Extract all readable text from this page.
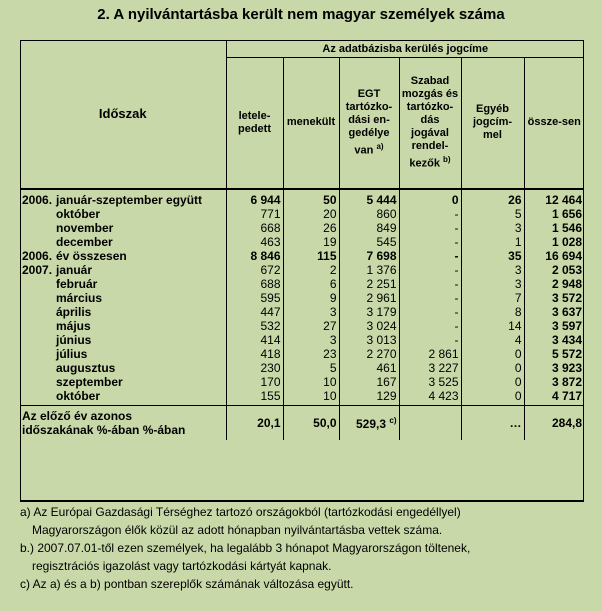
2. A nyilvántartásba került nem magyar személyek száma
Időszak	Az adatbázisba kerülés jogcíme					
	letele-pedett	menekült	EGT tartózko-dási en-gedélye van $^{a)}$	Szabad mozgás és tartózko-dás jogával rendel-kezők $^{b)}$	Egyéb jogcím-mel	össze-sen
2006. január-szeptember együtt	6 944	50	5 444	0	26	12 464
október	771	20	860	-	5	1 656
november	668	26	849	-	3	1 546
december	463	19	545	-	1	1 028
2006. év összesen	8 846	115	7 698	-	35	16 694
2007. január	672	2	1 376	-	3	2 053
február	688	6	2 251	-	3	2 948
március	595	9	2 961	-	7	3 572
április	447	3	3 179	-	8	3 637
május	532	27	3 024	-	14	3 597
június	414	3	3 013	-	4	3 434
július	418	23	2 270	2 861	0	5 572
augusztus	230	5	461	3 227	0	3 923
szeptember	170	10	167	3 525	0	3 872
október	155	10	129	4 423	0	4 717

Az előző év azonos
időszakának %-ában %-ában	20,1	50,0	529,3 $^{c)}$		…	284,8
a) Az Európai Gazdasági Térséghez tartozó országokból (tartózkodási engedéllyel)
Magyarországon élők közül az adott hónapban nyilvántartásba vettek száma.
b.) 2007.07.01-től ezen személyek, ha legalább 3 hónapot Magyarországon töltenek,
regisztrációs igazolást vagy tartózkodási kártyát kapnak.
c) Az a) és a b) pontban szereplők számának változása együtt.
